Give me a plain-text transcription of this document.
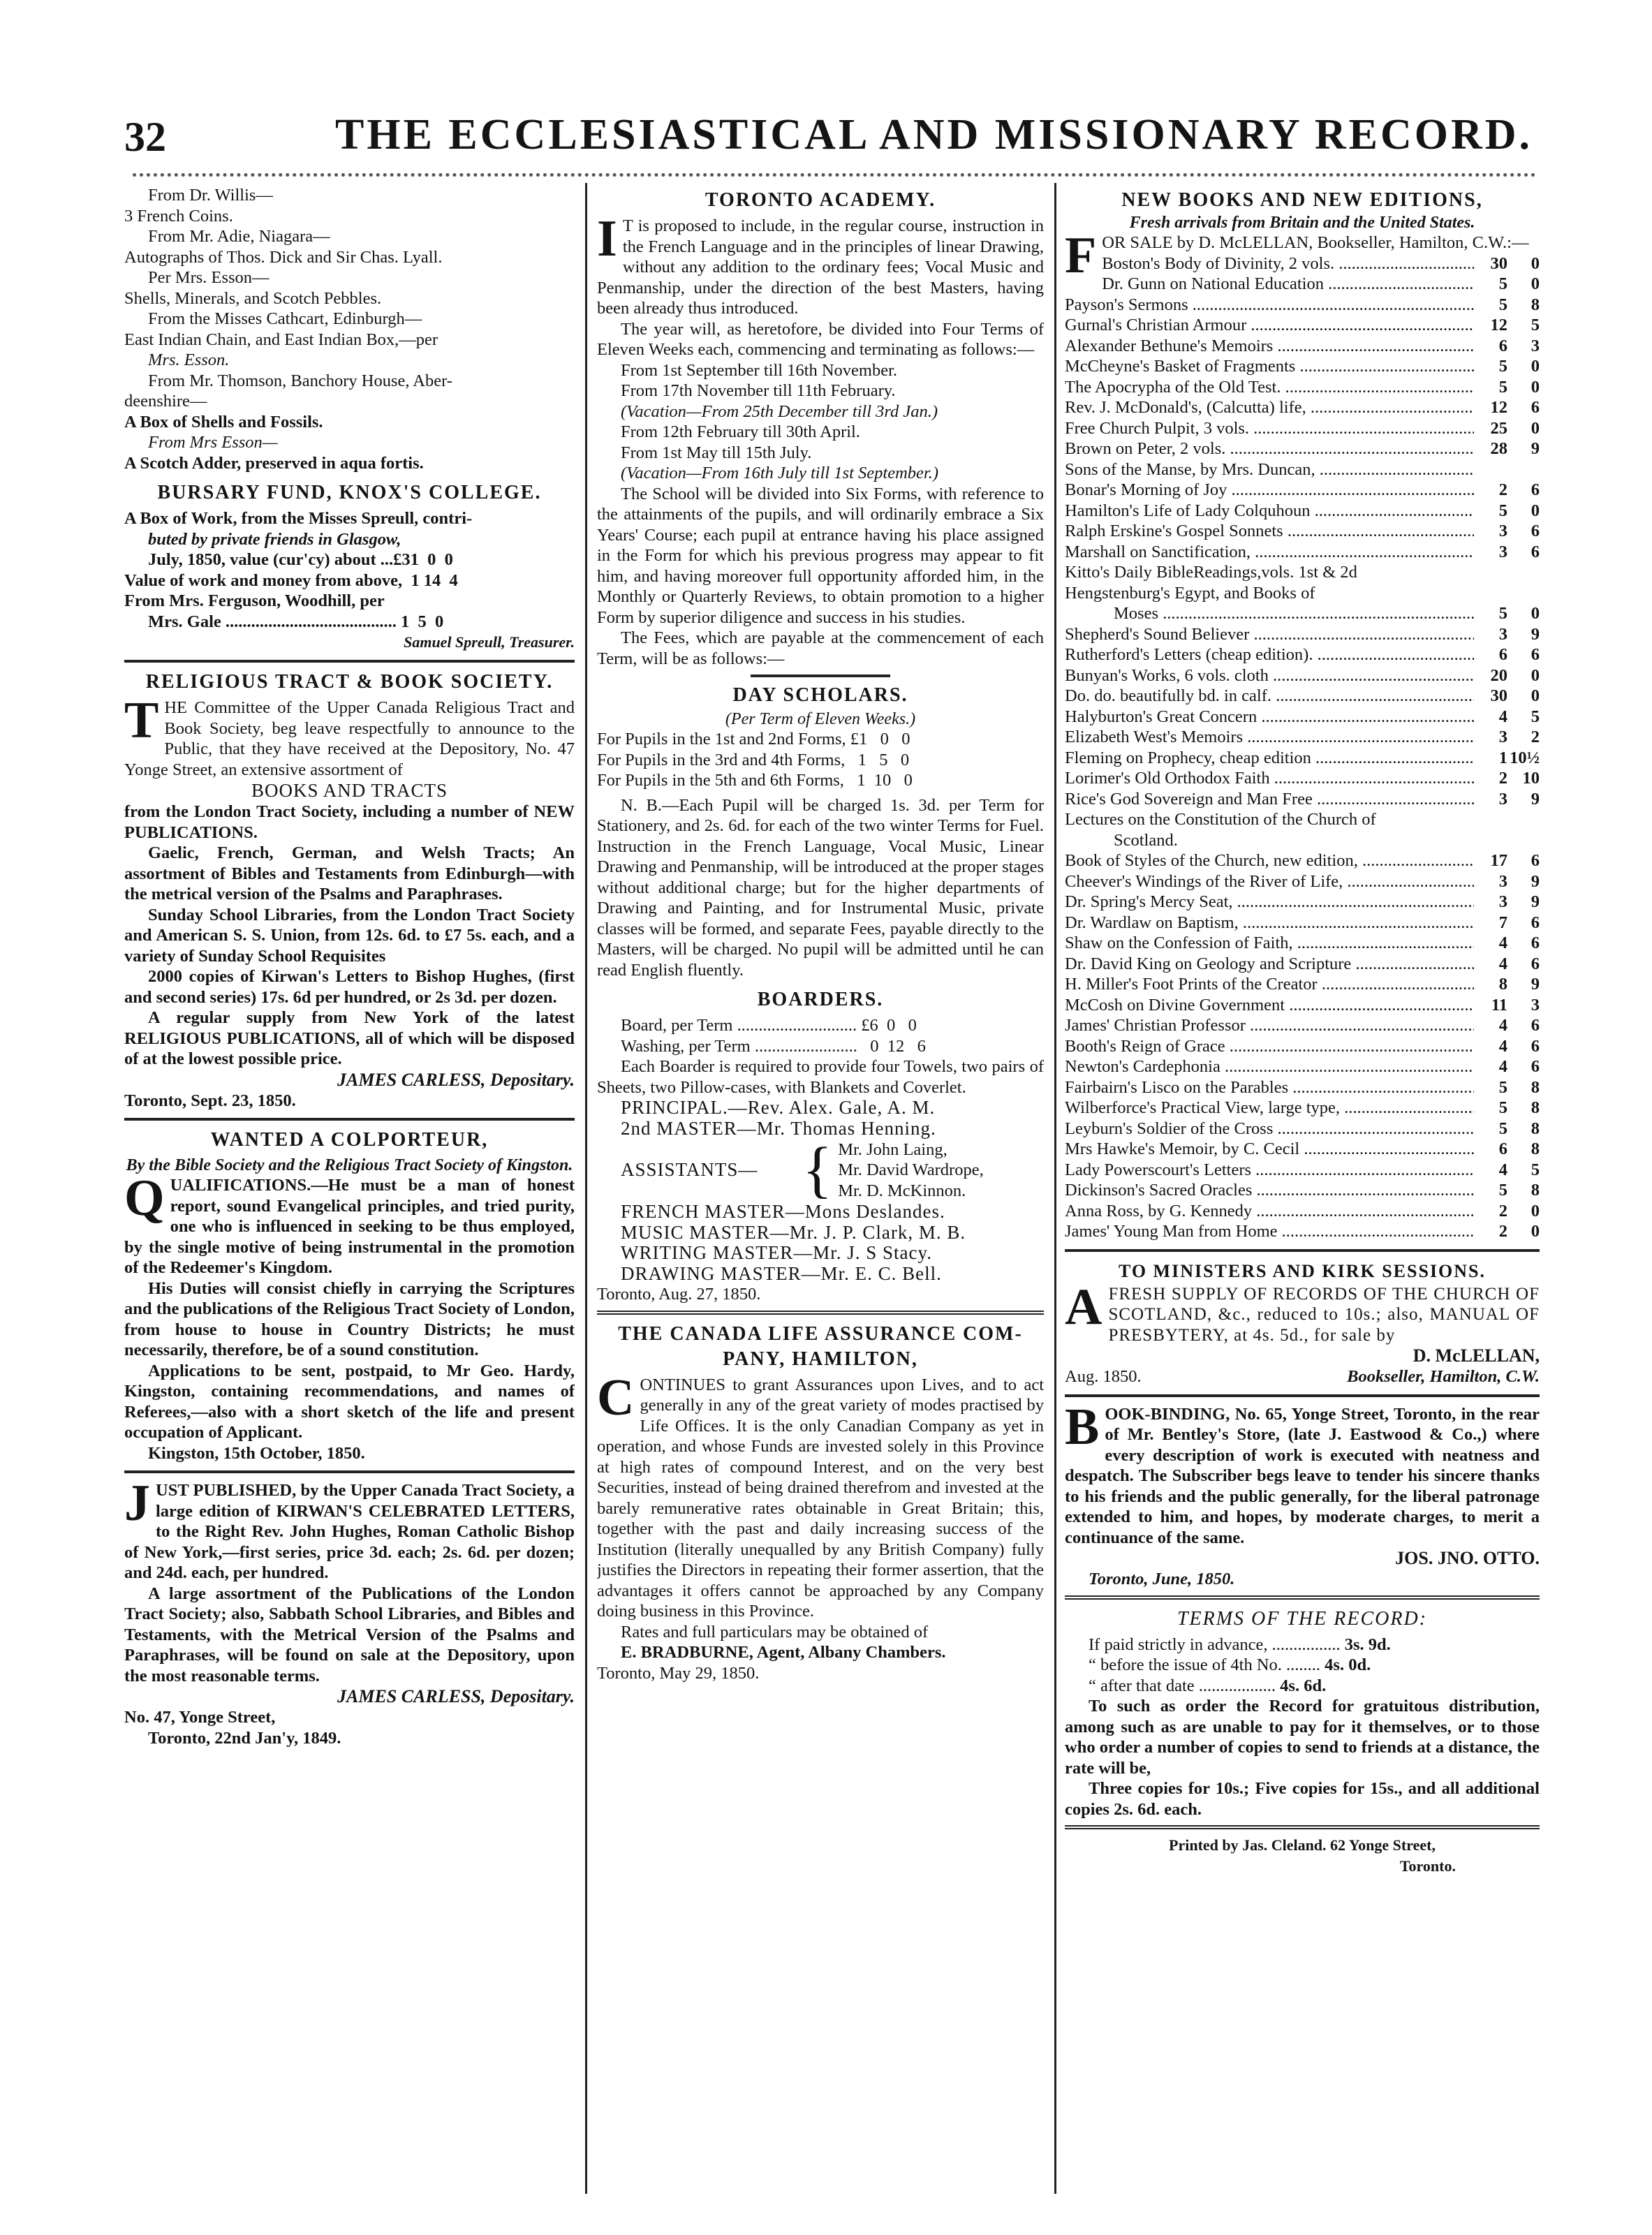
32	THE ECCLESIASTICAL AND MISSIONARY RECORD.
From Dr. Willis—
3 French Coins.
From Mr. Adie, Niagara—
Autographs of Thos. Dick and Sir Chas. Lyall.
Per Mrs. Esson—
Shells, Minerals, and Scotch Pebbles.
From the Misses Cathcart, Edinburgh—
East Indian Chain, and East Indian Box,—per
Mrs. Esson.
From Mr. Thomson, Banchory House, Aber-
deenshire—
A Box of Shells and Fossils.
From Mrs Esson—
A Scotch Adder, preserved in aqua fortis.
BURSARY FUND, KNOX'S COLLEGE.
A Box of Work, from the Misses Spreull, contri-
buted by private friends in Glasgow,
July, 1850, value (cur'cy) about ...£31 0 0
Value of work and money from above, 1 14 4
From Mrs. Ferguson, Woodhill, per
Mrs. Gale ........................................ 1 5 0
Samuel Spreull, Treasurer.
RELIGIOUS TRACT & BOOK SOCIETY.

THE Committee of the Upper Canada Religious Tract and Book Society, beg leave respectfully to announce to the Public, that they have received at the Depository, No. 47 Yonge Street, an extensive assortment of

BOOKS AND TRACTS

from the London Tract Society, including a number of NEW PUBLICATIONS.

Gaelic, French, German, and Welsh Tracts; An assortment of Bibles and Testaments from Edinburgh—with the metrical version of the Psalms and Paraphrases.

Sunday School Libraries, from the London Tract Society and American S. S. Union, from 12s. 6d. to £7 5s. each, and a variety of Sunday School Requisites

2000 copies of Kirwan's Letters to Bishop Hughes, (first and second series) 17s. 6d per hundred, or 2s 3d. per dozen.

A regular supply from New York of the latest RELIGIOUS PUBLICATIONS, all of which will be disposed of at the lowest possible price.

JAMES CARLESS, Depositary.
Toronto, Sept. 23, 1850.
WANTED A COLPORTEUR,
By the Bible Society and the Religious Tract Society of Kingston.

QUALIFICATIONS.—He must be a man of honest report, sound Evangelical principles, and tried purity, one who is influenced in seeking to be thus employed, by the single motive of being instrumental in the promotion of the Redeemer's Kingdom.

His Duties will consist chiefly in carrying the Scriptures and the publications of the Religious Tract Society of London, from house to house in Country Districts; he must necessarily, therefore, be of a sound constitution.

Applications to be sent, postpaid, to Mr Geo. Hardy, Kingston, containing recommendations, and names of Referees,—also with a short sketch of the life and present occupation of Applicant.

Kingston, 15th October, 1850.

JUST PUBLISHED, by the Upper Canada Tract Society, a large edition of KIRWAN'S CELEBRATED LETTERS, to the Right Rev. John Hughes, Roman Catholic Bishop of New York,—first series, price 3d. each; 2s. 6d. per dozen; and 24d. each, per hundred.

A large assortment of the Publications of the London Tract Society; also, Sabbath School Libraries, and Bibles and Testaments, with the Metrical Version of the Psalms and Paraphrases, will be found on sale at the Depository, upon the most reasonable terms.

JAMES CARLESS, Depositary.
No. 47, Yonge Street,
Toronto, 22nd Jan'y, 1849.
TORONTO ACADEMY.

I T is proposed to include, in the regular course, instruction in the French Language and in the principles of linear Drawing, without any addition to the ordinary fees; Vocal Music and Penmanship, under the direction of the best Masters, having been already thus introduced.

The year will, as heretofore, be divided into Four Terms of Eleven Weeks each, commencing and terminating as follows:—

From 1st September till 16th November.
From 17th November till 11th February.
(Vacation—From 25th December till 3rd Jan.)
From 12th February till 30th April.
From 1st May till 15th July.
(Vacation—From 16th July till 1st September.)

The School will be divided into Six Forms, with reference to the attainments of the pupils, and will ordinarily embrace a Six Years' Course; each pupil at entrance having his place assigned in the Form for which his previous progress may appear to fit him, and having moreover full opportunity afforded him, in the Monthly or Quarterly Reviews, to obtain promotion to a higher Form by superior diligence and success in his studies.

The Fees, which are payable at the commencement of each Term, will be as follows:—

DAY SCHOLARS.
(Per Term of Eleven Weeks.)
For Pupils in the 1st and 2nd Forms, £1 0 0
For Pupils in the 3rd and 4th Forms, 1 5 0
For Pupils in the 5th and 6th Forms, 1 10 0

N. B.—Each Pupil will be charged 1s. 3d. per Term for Stationery, and 2s. 6d. for each of the two winter Terms for Fuel. Instruction in the French Language, Vocal Music, Linear Drawing and Penmanship, will be introduced at the proper stages without additional charge; but for the higher departments of Drawing and Painting, and for Instrumental Music, private classes will be formed, and separate Fees, payable directly to the Masters, will be charged. No pupil will be admitted until he can read English fluently.

BOARDERS.
Board, per Term ............................ £6 0 0
Washing, per Term ........................   0 12 6

Each Boarder is required to provide four Towels, two pairs of Sheets, two Pillow-cases, with Blankets and Coverlet.

PRINCIPAL.—Rev. Alex. Gale, A. M.
2nd MASTER—Mr. Thomas Henning.
ASSISTANTS— { Mr. John Laing,
Mr. David Wardrope,
Mr. D. McKinnon.
FRENCH MASTER—Mons Deslandes.
MUSIC MASTER—Mr. J. P. Clark, M. B.
WRITING MASTER—Mr. J. S Stacy.
DRAWING MASTER—Mr. E. C. Bell.
Toronto, Aug. 27, 1850.
THE CANADA LIFE ASSURANCE COM-
PANY, HAMILTON,

CONTINUES to grant Assurances upon Lives, and to act generally in any of the great variety of modes practised by Life Offices. It is the only Canadian Company as yet in operation, and whose Funds are invested solely in this Province at high rates of compound Interest, and on the very best Securities, instead of being drained therefrom and invested at the barely remunerative rates obtainable in Great Britain; this, together with the past and daily increasing success of the Institution (literally unequalled by any British Company) fully justifies the Directors in repeating their former assertion, that the advantages it offers cannot be approached by any Company doing business in this Province.

Rates and full particulars may be obtained of

E. BRADBURNE, Agent, Albany Chambers.
Toronto, May 29, 1850.
NEW BOOKS AND NEW EDITIONS,
Fresh arrivals from Britain and the United States.

FOR SALE by D. McLELLAN, Bookseller, Hamilton, C.W.:—

Boston's Body of Divinity, 2 vols. .....	30	0
Dr. Gunn on National Education .....	5	0
Payson's Sermons .....	5	8
Gurnal's Christian Armour .....	12	5
Alexander Bethune's Memoirs .....	6	3
McCheyne's Basket of Fragments .....	5	0
The Apocrypha of the Old Test. .....	5	0
Rev. J. McDonald's, (Calcutta) life, .....	12	6
Free Church Pulpit, 3 vols. .....	25	0
Brown on Peter, 2 vols. .....	28	9
Sons of the Manse, by Mrs. Duncan, .....
Bonar's Morning of Joy .....	2	6
Hamilton's Life of Lady Colquhoun .....	5	0
Ralph Erskine's Gospel Sonnets .....	3	6
Marshall on Sanctification, .....	3	6
Kitto's Daily BibleReadings,vols. 1st & 2d
Hengstenburg's Egypt, and Books of
Moses .....	5	0
Shepherd's Sound Believer .....	3	9
Rutherford's Letters (cheap edition). .....	6	6
Bunyan's Works, 6 vols. cloth .....	20	0
Do. do. beautifully bd. in calf. .....	30	0
Halyburton's Great Concern .....	4	5
Elizabeth West's Memoirs .....	3	2
Fleming on Prophecy, cheap edition .....	1 10½
Lorimer's Old Orthodox Faith .....	2 10
Rice's God Sovereign and Man Free .....	3	9
Lectures on the Constitution of the Church of
Scotland.
Book of Styles of the Church, new edition, .....	17	6
Cheever's Windings of the River of Life, .....	3	9
Dr. Spring's Mercy Seat, .....	3	9
Dr. Wardlaw on Baptism, .....	7	6
Shaw on the Confession of Faith, .....	4	6
Dr. David King on Geology and Scripture .....	4	6
H. Miller's Foot Prints of the Creator .....	8	9
McCosh on Divine Government .....	11	3
James' Christian Professor .....	4	6
Booth's Reign of Grace .....	4	6
Newton's Cardephonia .....	4	6
Fairbairn's Lisco on the Parables .....	5	8
Wilberforce's Practical View, large type, .....	5	8
Leyburn's Soldier of the Cross .....	5	8
Mrs Hawke's Memoir, by C. Cecil .....	6	8
Lady Powerscourt's Letters .....	4	5
Dickinson's Sacred Oracles .....	5	8
Anna Ross, by G. Kennedy .....	2	0
James' Young Man from Home .....	2	0
TO MINISTERS AND KIRK SESSIONS.

AFRESH SUPPLY OF RECORDS OF THE CHURCH OF SCOTLAND, &c., reduced to 10s.; also, MANUAL OF PRESBYTERY, at 4s. 5d., for sale by

D. McLELLAN,
Aug. 1850.	Bookseller, Hamilton, C.W.

BOOK-BINDING, No. 65, Yonge Street, Toronto, in the rear of Mr. Bentley's Store, (late J. Eastwood & Co.,) where every description of work is executed with neatness and despatch. The Subscriber begs leave to tender his sincere thanks to his friends and the public generally, for the liberal patronage extended to him, and hopes, by moderate charges, to merit a continuance of the same.

JOS. JNO. OTTO.
Toronto, June, 1850.
TERMS OF THE RECORD:
If paid strictly in advance, ................ 3s. 9d.
“ before the issue of 4th No. ........ 4s. 0d.
“ after that date .................. 4s. 6d.

To such as order the Record for gratuitous distribution, among such as are unable to pay for it themselves, or to those who order a number of copies to send to friends at a distance, the rate will be,

Three copies for 10s.; Five copies for 15s., and all additional copies 2s. 6d. each.

Printed by Jas. Cleland. 62 Yonge Street,
Toronto.
